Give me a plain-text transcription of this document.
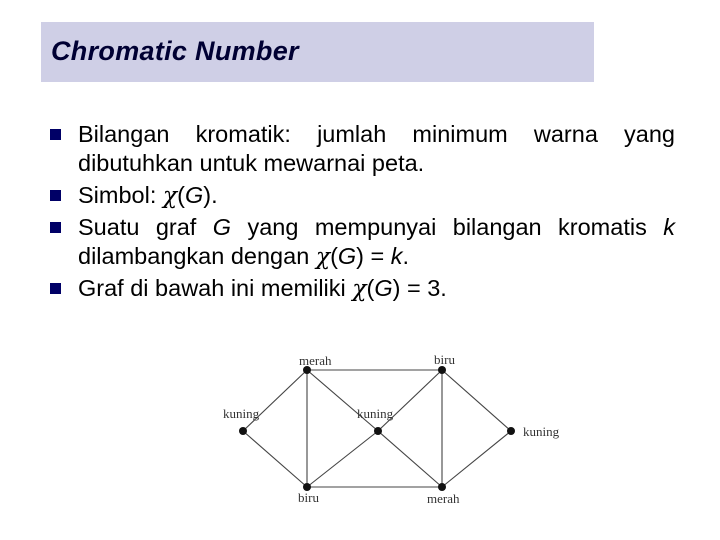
Chromatic Number
Bilangan kromatik: jumlah minimum warna yang dibutuhkan untuk mewarnai peta.
Simbol: χ(G).
Suatu graf G yang mempunyai bilangan kromatis k dilambangkan dengan χ(G) = k.
Graf di bawah ini memiliki χ(G) = 3.
merah	biru
kuning	kuning
kuning
biru	merah
